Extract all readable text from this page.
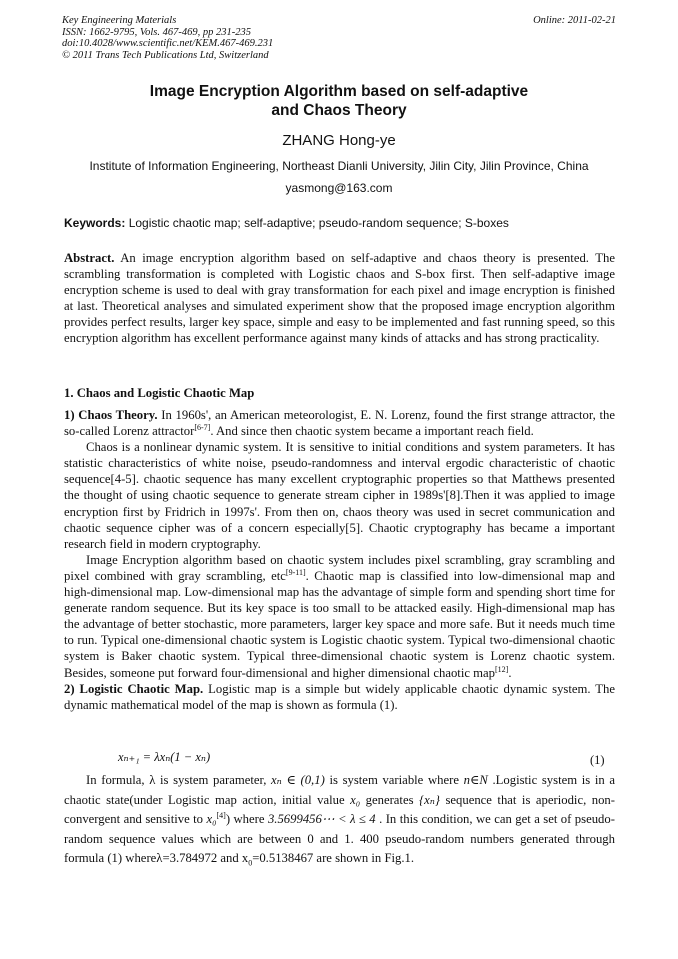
Key Engineering Materials
ISSN: 1662-9795, Vols. 467-469, pp 231-235
doi:10.4028/www.scientific.net/KEM.467-469.231
© 2011 Trans Tech Publications Ltd, Switzerland
Online: 2011-02-21
Image Encryption Algorithm based on self-adaptive
and Chaos Theory
ZHANG Hong-ye
Institute of Information Engineering, Northeast Dianli University, Jilin City, Jilin Province, China
yasmong@163.com
Keywords: Logistic chaotic map; self-adaptive; pseudo-random sequence; S-boxes

Abstract. An image encryption algorithm based on self-adaptive and chaos theory is presented. The scrambling transformation is completed with Logistic chaos and S-box first. Then self-adaptive image encryption scheme is used to deal with gray transformation for each pixel and image encryption is finished at last. Theoretical analyses and simulated experiment show that the proposed image encryption algorithm provides perfect results, larger key space, simple and easy to be implemented and fast running speed, so this encryption algorithm has excellent performance against many kinds of attacks and has strong practicality.

1. Chaos and Logistic Chaotic Map

1) Chaos Theory. In 1960s', an American meteorologist, E. N. Lorenz, found the first strange attractor, the so-called Lorenz attractor[6-7]. And since then chaotic system became a important reach field.

Chaos is a nonlinear dynamic system. It is sensitive to initial conditions and system parameters. It has statistic characteristics of white noise, pseudo-randomness and interval ergodic characteristic of chaotic sequence[4-5]. chaotic sequence has many excellent cryptographic properties so that Matthews presented the thought of using chaotic sequence to generate stream cipher in 1989s'[8].Then it was applied to image encryption first by Fridrich in 1997s'. From then on, chaos theory was used in secret communication and chaotic sequence cipher was of a concern especially[5]. Chaotic cryptography has became a important research field in modern cryptography.

Image Encryption algorithm based on chaotic system includes pixel scrambling, gray scrambling and pixel combined with gray scrambling, etc[9-11]. Chaotic map is classified into low-dimensional map and high-dimensional map. Low-dimensional map has the advantage of simple form and spending short time for generate random sequence. But its key space is too small to be attacked easily. High-dimensional map has the advantage of better stochastic, more parameters, larger key space and more safe. But it needs much time to run. Typical one-dimensional chaotic system is Logistic chaotic system. Typical two-dimensional chaotic system is Baker chaotic system. Typical three-dimensional chaotic system is Lorenz chaotic system. Besides, someone put forward four-dimensional and higher dimensional chaotic map[12].

2) Logistic Chaotic Map. Logistic map is a simple but widely applicable chaotic dynamic system. The dynamic mathematical model of the map is shown as formula (1).

xₙ₊₁ = λxₙ(1 − xₙ)	(1)

In formula, λ is system parameter, xₙ ∈ (0,1) is system variable where n∈N .Logistic system is in a chaotic state(under Logistic map action, initial value x₀ generates {xₙ} sequence that is aperiodic, non-convergent and sensitive to x₀[4]) where 3.5699456⋯ < λ ≤ 4 . In this condition, we can get a set of pseudo-random sequence values which are between 0 and 1. 400 pseudo-random numbers generated through formula (1) whereλ=3.784972 and $x_0=0.5138467$ are shown in Fig.1.
